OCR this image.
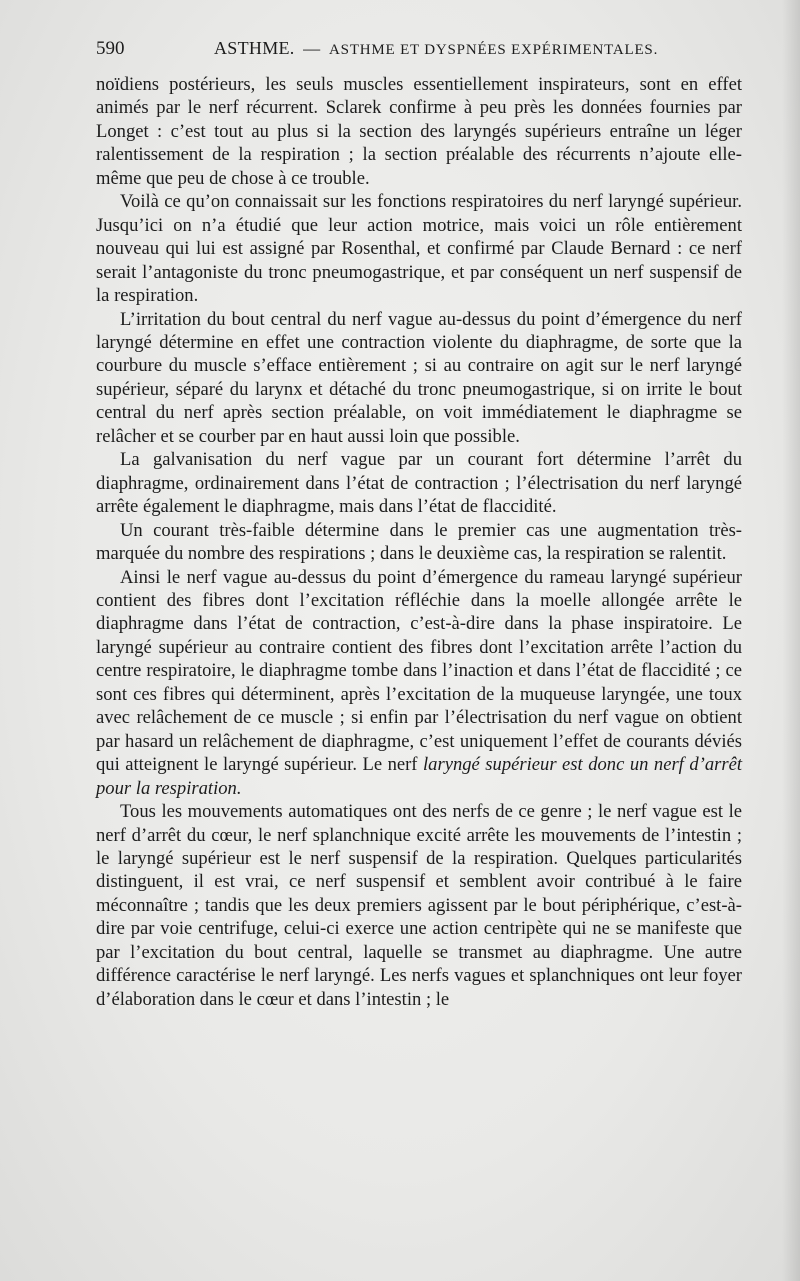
590	ASTHME. — ASTHME ET DYSPNÉES EXPÉRIMENTALES.

noïdiens postérieurs, les seuls muscles essentiellement inspirateurs, sont en effet animés par le nerf récurrent. Sclarek confirme à peu près les données fournies par Longet : c’est tout au plus si la section des laryngés supérieurs entraîne un léger ralentissement de la respiration ; la section préalable des récurrents n’ajoute elle-même que peu de chose à ce trouble.

Voilà ce qu’on connaissait sur les fonctions respiratoires du nerf laryngé supérieur. Jusqu’ici on n’a étudié que leur action motrice, mais voici un rôle entièrement nouveau qui lui est assigné par Rosenthal, et confirmé par Claude Bernard : ce nerf serait l’antagoniste du tronc pneumogastrique, et par conséquent un nerf suspensif de la respiration.

L’irritation du bout central du nerf vague au-dessus du point d’émergence du nerf laryngé détermine en effet une contraction violente du diaphragme, de sorte que la courbure du muscle s’efface entièrement ; si au contraire on agit sur le nerf laryngé supérieur, séparé du larynx et détaché du tronc pneumogastrique, si on irrite le bout central du nerf après section préalable, on voit immédiatement le diaphragme se relâcher et se courber par en haut aussi loin que possible.

La galvanisation du nerf vague par un courant fort détermine l’arrêt du diaphragme, ordinairement dans l’état de contraction ; l’électrisation du nerf laryngé arrête également le diaphragme, mais dans l’état de flaccidité.

Un courant très-faible détermine dans le premier cas une augmentation très-marquée du nombre des respirations ; dans le deuxième cas, la respiration se ralentit.

Ainsi le nerf vague au-dessus du point d’émergence du rameau laryngé supérieur contient des fibres dont l’excitation réfléchie dans la moelle allongée arrête le diaphragme dans l’état de contraction, c’est-à-dire dans la phase inspiratoire. Le laryngé supérieur au contraire contient des fibres dont l’excitation arrête l’action du centre respiratoire, le diaphragme tombe dans l’inaction et dans l’état de flaccidité ; ce sont ces fibres qui déterminent, après l’excitation de la muqueuse laryngée, une toux avec relâchement de ce muscle ; si enfin par l’électrisation du nerf vague on obtient par hasard un relâchement de diaphragme, c’est uniquement l’effet de courants déviés qui atteignent le laryngé supérieur. Le nerf laryngé supérieur est donc un nerf d’arrêt pour la respiration.

Tous les mouvements automatiques ont des nerfs de ce genre ; le nerf vague est le nerf d’arrêt du cœur, le nerf splanchnique excité arrête les mouvements de l’intestin ; le laryngé supérieur est le nerf suspensif de la respiration. Quelques particularités distinguent, il est vrai, ce nerf suspensif et semblent avoir contribué à le faire méconnaître ; tandis que les deux premiers agissent par le bout périphérique, c’est-à-dire par voie centrifuge, celui-ci exerce une action centripète qui ne se manifeste que par l’excitation du bout central, laquelle se transmet au diaphragme. Une autre différence caractérise le nerf laryngé. Les nerfs vagues et splanchniques ont leur foyer d’élaboration dans le cœur et dans l’intestin ; le
